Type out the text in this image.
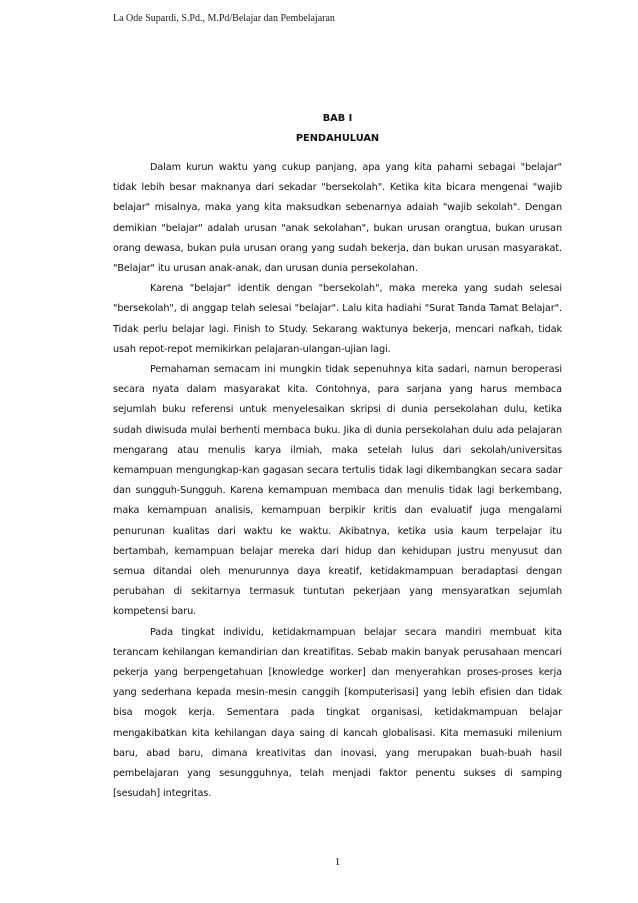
La Ode Supardi, S.Pd., M.Pd/Belajar dan Pembelajaran
BAB I
PENDAHULUAN

Dalam kurun waktu yang cukup panjang, apa yang kita pahami sebagai "belajar" tidak lebih besar maknanya dari sekadar "bersekolah". Ketika kita bicara mengenai "wajib belajar" misalnya, maka yang kita maksudkan sebenarnya adaiah "wajib sekolah". Dengan demikian "belajar" adalah urusan "anak sekolahan", bukan urusan orangtua, bukan urusan orang dewasa, bukan pula urusan orang yang sudah bekerja, dan bukan urusan masyarakat. "Belajar" itu urusan anak-anak, dan urusan dunia persekolahan.

Karena "belajar" identik dengan "bersekolah", maka mereka yang sudah selesai "bersekolah", di anggap telah selesai "belajar". Lalu kita hadiahi "Surat Tanda Tamat Belajar". Tidak perlu belajar lagi. Finish to Study. Sekarang waktunya bekerja, mencari nafkah, tidak usah repot-repot memikirkan pelajaran-ulangan-ujian lagi.

Pemahaman semacam ini mungkin tidak sepenuhnya kita sadari, namun beroperasi secara nyata dalam masyarakat kita. Contohnya, para sarjana yang harus membaca sejumlah buku referensi untuk menyelesaikan skripsi di dunia persekolahan dulu, ketika sudah diwisuda mulai berhenti membaca buku. Jika di dunia persekolahan dulu ada pelajaran mengarang atau menulis karya ilmiah, maka setelah lulus dari sekolah/universitas kemampuan mengungkap-kan gagasan secara tertulis tidak lagi dikembangkan secara sadar dan sungguh-Sungguh. Karena kemampuan membaca dan menulis tidak lagi berkembang, maka kemampuan analisis, kemampuan berpikir kritis dan evaluatif juga mengalami penurunan kualitas dari waktu ke waktu. Akibatnya, ketika usia kaum terpelajar itu bertambah, kemampuan belajar mereka dari hidup dan kehidupan justru menyusut dan semua ditandai oleh menurunnya daya kreatif, ketidakmampuan beradaptasi dengan perubahan di sekitarnya termasuk tuntutan pekerjaan yang mensyaratkan sejumlah kompetensi baru.

Pada tingkat individu, ketidakmampuan belajar secara mandiri membuat kita terancam kehilangan kemandirian dan kreatifitas. Sebab makin banyak perusahaan mencari pekerja yang berpengetahuan [knowledge worker] dan menyerahkan proses-proses kerja yang sederhana kepada mesin-mesin canggih [komputerisasi] yang lebih efisien dan tidak bisa mogok kerja. Sementara pada tingkat organisasi, ketidakmampuan belajar mengakibatkan kita kehilangan daya saing di kancah globalisasi. Kita memasuki milenium baru, abad baru, dimana kreativitas dan inovasi, yang merupakan buah-buah hasil pembelajaran yang sesungguhnya, telah menjadi faktor penentu sukses di samping [sesudah] integritas.

1
